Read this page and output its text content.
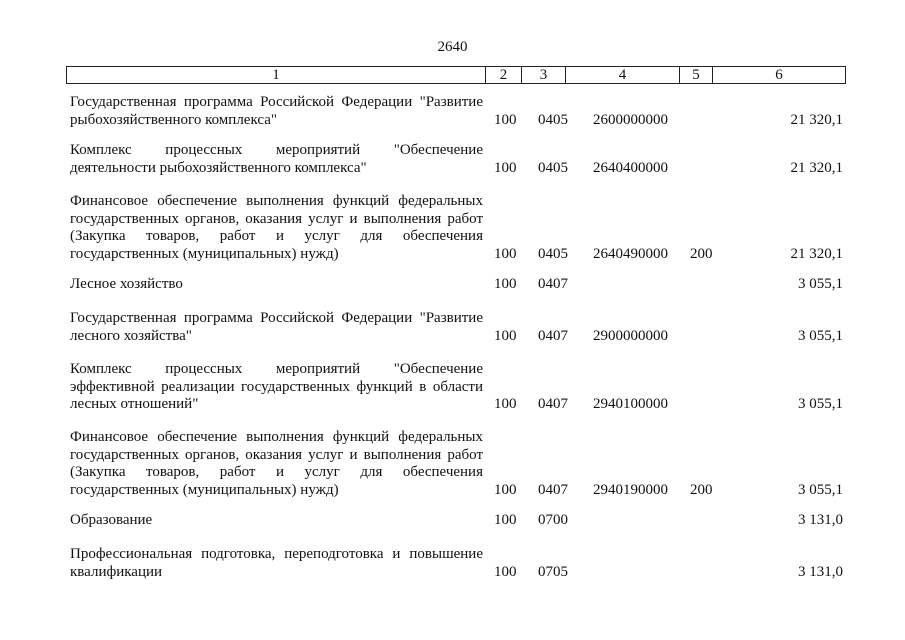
2640
1	2	3	4	5	6
Государственная программа Российской Федерации "Развитие
рыбохозяйственного комплекса"	100 0405 2600000000	21 320,1
Комплекс процессных мероприятий "Обеспечение
деятельности рыбохозяйственного комплекса"	100 0405 2640400000	21 320,1
Финансовое обеспечение выполнения функций федеральных
государственных органов, оказания услуг и выполнения работ
(Закупка товаров, работ и услуг для обеспечения
государственных (муниципальных) нужд)	100 0405 2640490000 200	21 320,1
Лесное хозяйство	100 0407	3 055,1
Государственная программа Российской Федерации "Развитие
лесного хозяйства"	100 0407 2900000000	3 055,1
Комплекс процессных мероприятий "Обеспечение
эффективной реализации государственных функций в области
лесных отношений"	100 0407 2940100000	3 055,1
Финансовое обеспечение выполнения функций федеральных
государственных органов, оказания услуг и выполнения работ
(Закупка товаров, работ и услуг для обеспечения
государственных (муниципальных) нужд)	100 0407 2940190000 200	3 055,1
Образование	100 0700	3 131,0
Профессиональная подготовка, переподготовка и повышение
квалификации	100 0705	3 131,0
